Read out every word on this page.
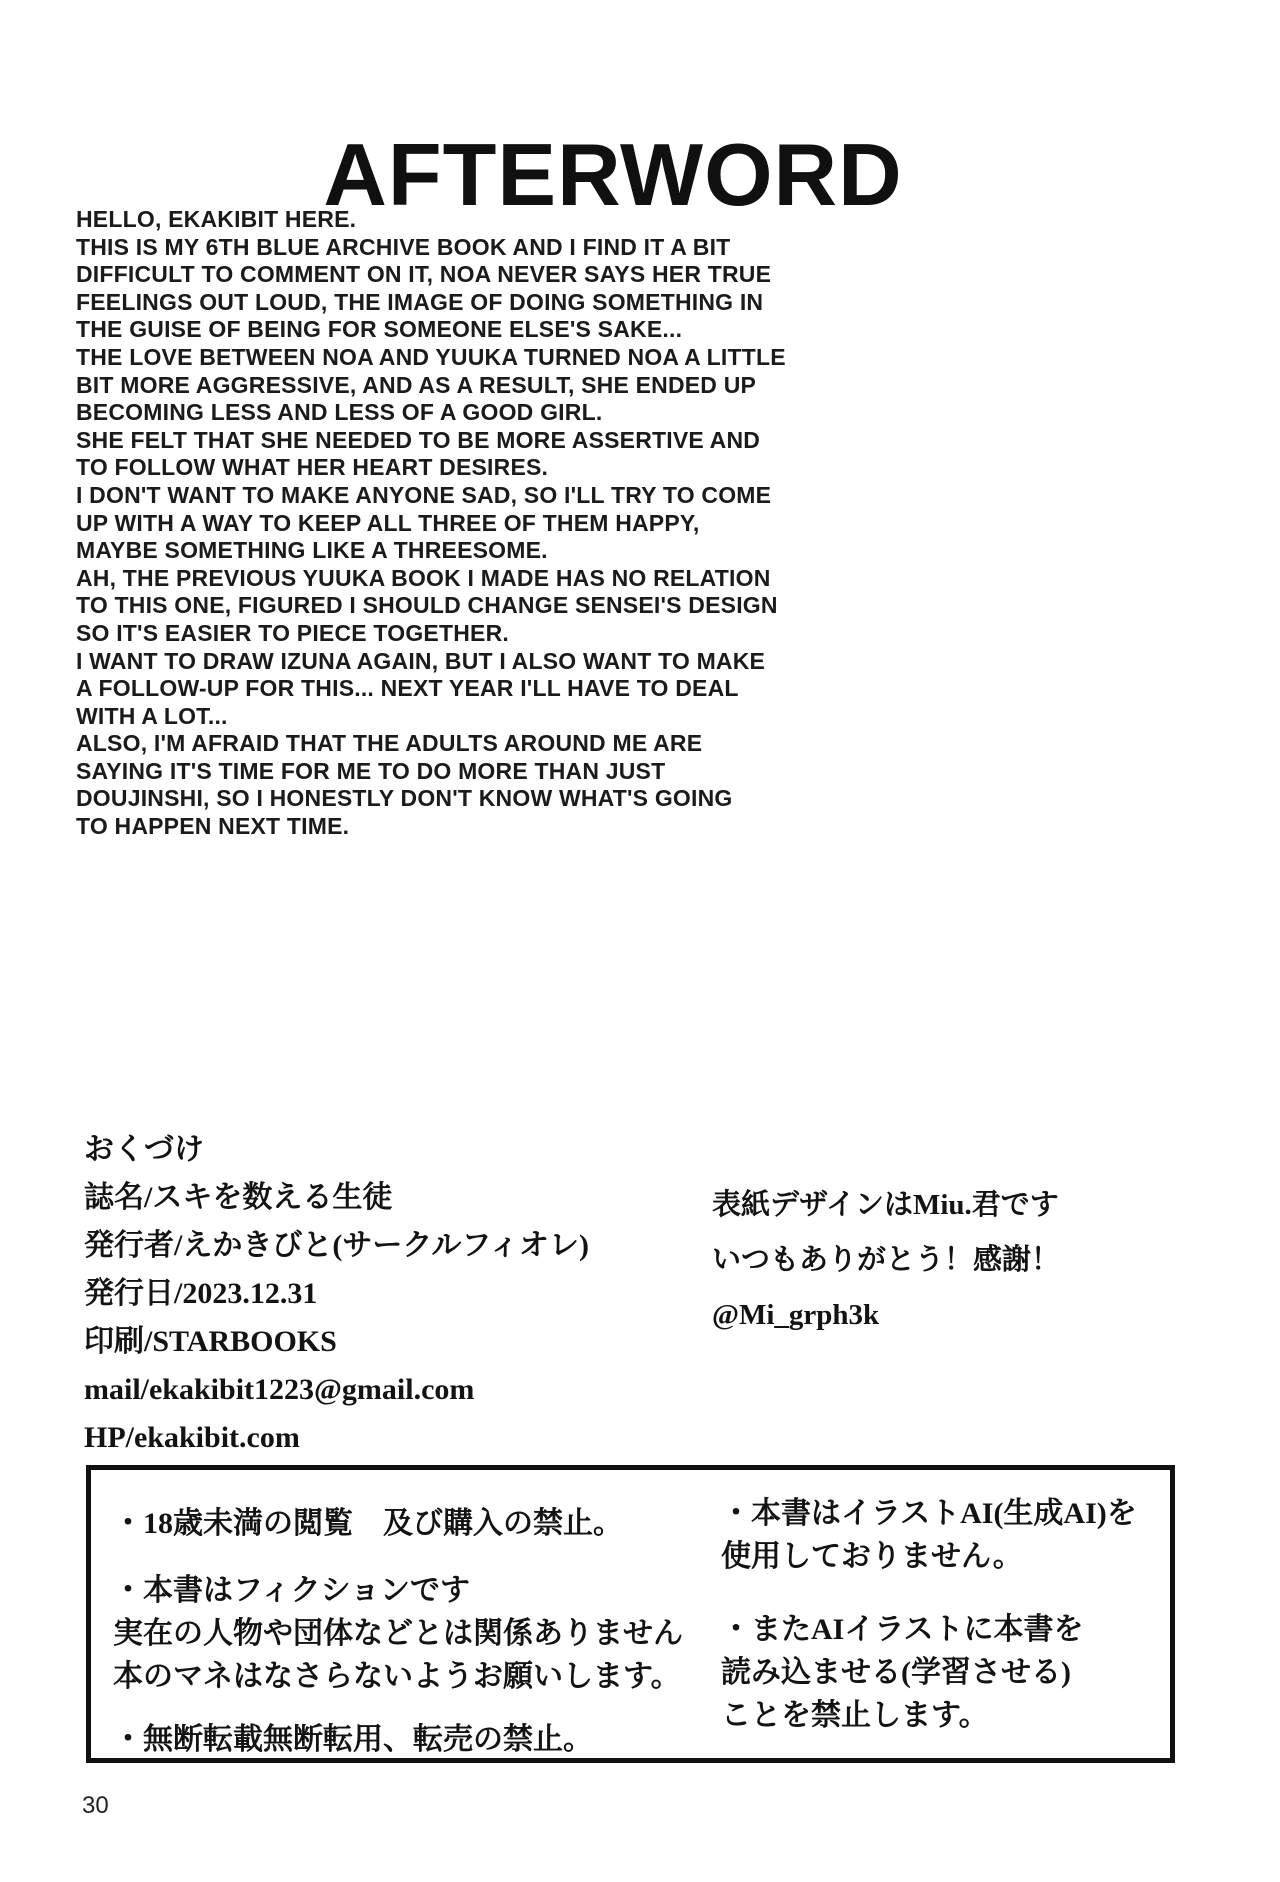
AFTERWORD
HELLO, EKAKIBIT HERE.
THIS IS MY 6TH BLUE ARCHIVE BOOK AND I FIND IT A BIT
DIFFICULT TO COMMENT ON IT, NOA NEVER SAYS HER TRUE
FEELINGS OUT LOUD, THE IMAGE OF DOING SOMETHING IN
THE GUISE OF BEING FOR SOMEONE ELSE'S SAKE...
THE LOVE BETWEEN NOA AND YUUKA TURNED NOA A LITTLE
BIT MORE AGGRESSIVE, AND AS A RESULT, SHE ENDED UP
BECOMING LESS AND LESS OF A GOOD GIRL.
SHE FELT THAT SHE NEEDED TO BE MORE ASSERTIVE AND
TO FOLLOW WHAT HER HEART DESIRES.
I DON'T WANT TO MAKE ANYONE SAD, SO I'LL TRY TO COME
UP WITH A WAY TO KEEP ALL THREE OF THEM HAPPY,
MAYBE SOMETHING LIKE A THREESOME.
AH, THE PREVIOUS YUUKA BOOK I MADE HAS NO RELATION
TO THIS ONE, FIGURED I SHOULD CHANGE SENSEI'S DESIGN
SO IT'S EASIER TO PIECE TOGETHER.
I WANT TO DRAW IZUNA AGAIN, BUT I ALSO WANT TO MAKE
A FOLLOW-UP FOR THIS... NEXT YEAR I'LL HAVE TO DEAL
WITH A LOT...
ALSO, I'M AFRAID THAT THE ADULTS AROUND ME ARE
SAYING IT'S TIME FOR ME TO DO MORE THAN JUST
DOUJINSHI, SO I HONESTLY DON'T KNOW WHAT'S GOING
TO HAPPEN NEXT TIME.
おくづけ
誌名/スキを数える生徒
発行者/えかきびと(サークルフィオレ)
発行日/2023.12.31
印刷/STARBOOKS
mail/ekakibit1223@gmail.com
HP/ekakibit.com
表紙デザインはMiu.君です
いつもありがとう！感謝！
@Mi_grph3k
・18歳未満の閲覧　及び購入の禁止。
・本書はフィクションです
実在の人物や団体などとは関係ありません
本のマネはなさらないようお願いします。
・無断転載無断転用、転売の禁止。
・本書はイラストAI(生成AI)を
使用しておりません。
・またAIイラストに本書を
読み込ませる(学習させる)
ことを禁止します。
30
